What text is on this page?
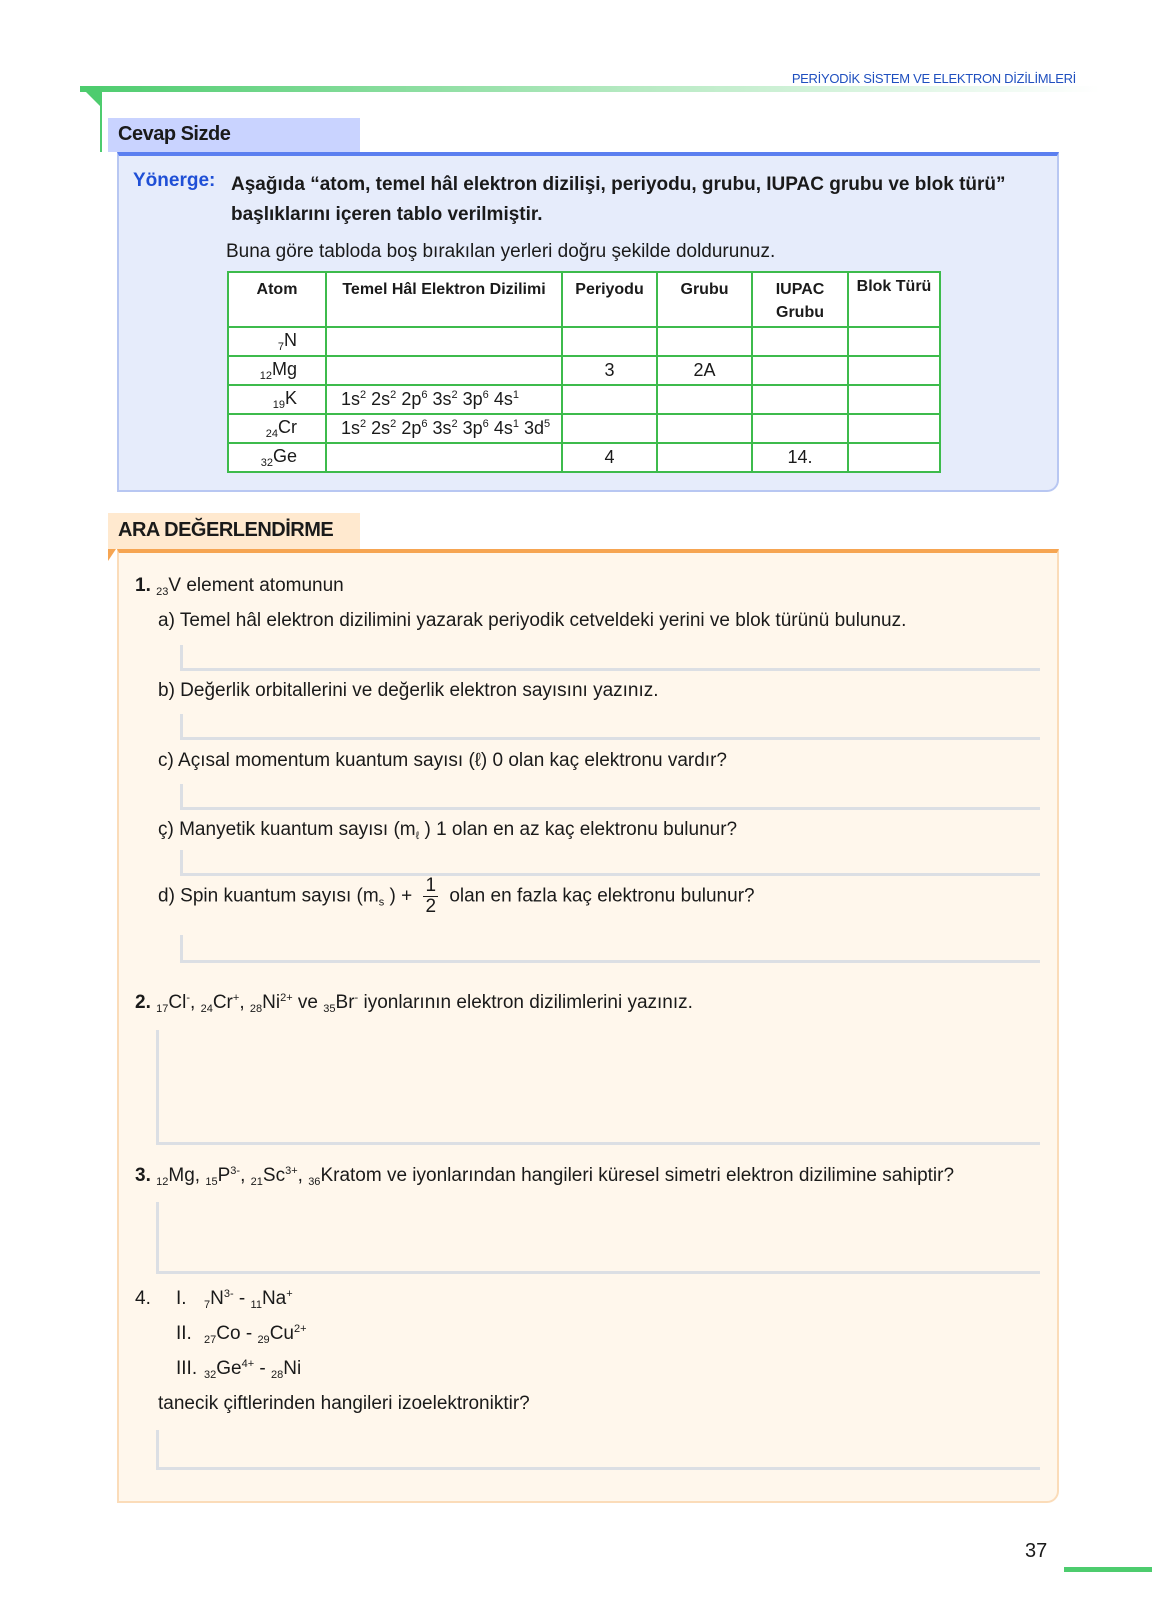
PERİYODİK SİSTEM VE ELEKTRON DİZİLİMLERİ
Cevap Sizde
Yönerge: Aşağıda “atom, temel hâl elektron dizilişi, periyodu, grubu, IUPAC grubu ve blok türü” başlıklarını içeren tablo verilmiştir.
Buna göre tabloda boş bırakılan yerleri doğru şekilde doldurunuz.
Atom	Temel Hâl Elektron Dizilimi	Periyodu	Grubu	IUPAC Grubu	Blok Türü
$_7$N					
$_{12}$Mg		3	2A		
$_{19}$K	$1s^2$ $2s^2$ $2p^6$ $3s^2$ $3p^6$ $4s^1$				
$_{24}$Cr	$1s^2$ $2s^2$ $2p^6$ $3s^2$ $3p^6$ $4s^1$ $3d^5$				
$_{32}$Ge		4		14.	
ARA DEĞERLENDİRME
1. $_{23}$V element atomunun
a) Temel hâl elektron dizilimini yazarak periyodik cetveldeki yerini ve blok türünü bulunuz.
b) Değerlik orbitallerini ve değerlik elektron sayısını yazınız.
c) Açısal momentum kuantum sayısı (ℓ) 0 olan kaç elektronu vardır?
ç) Manyetik kuantum sayısı ($m_\ell$ ) 1 olan en az kaç elektronu bulunur?
d) Spin kuantum sayısı ($m_s$ ) + $\frac{1}{2}$ olan en fazla kaç elektronu bulunur?
2. $_{17}$Cl-, $_{24}$Cr+, $_{28}Ni^{2+}$ ve $_{35}$Br- iyonlarının elektron dizilimlerini yazınız.
3. $_{12}$Mg, $_{15}P^{3-}$, $_{21}Sc^{3+}$, $_{36}$Kratom ve iyonlarından hangileri küresel simetri elektron dizilimine sahiptir?
4. I. $_7N^{3-} - _{11}Na^+$
II. $_{27}Co - _{29}Cu^{2+}$
III. $_{32}Ge^{4+} - _{28}Ni$
tanecik çiftlerinden hangileri izoelektroniktir?
37
